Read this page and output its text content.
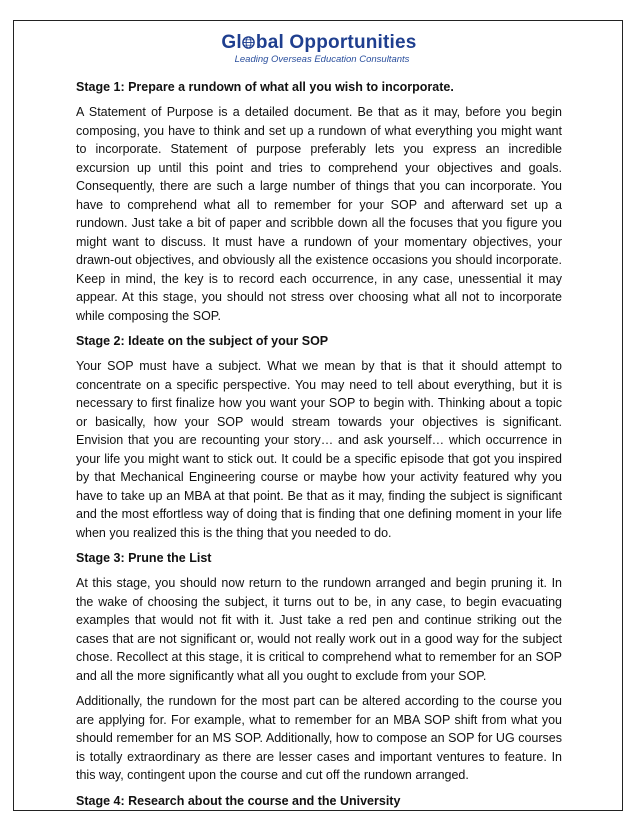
Gl bal Opportunities
Leading Overseas Education Consultants
Stage 1: Prepare a rundown of what all you wish to incorporate.

A Statement of Purpose is a detailed document. Be that as it may, before you begin composing, you have to think and set up a rundown of what everything you might want to incorporate. Statement of purpose preferably lets you express an incredible excursion up until this point and tries to comprehend your objectives and goals. Consequently, there are such a large number of things that you can incorporate. You have to comprehend what all to remember for your SOP and afterward set up a rundown. Just take a bit of paper and scribble down all the focuses that you figure you might want to discuss. It must have a rundown of your momentary objectives, your drawn-out objectives, and obviously all the existence occasions you should incorporate. Keep in mind, the key is to record each occurrence, in any case, unessential it may appear. At this stage, you should not stress over choosing what all not to incorporate while composing the SOP.

Stage 2: Ideate on the subject of your SOP

Your SOP must have a subject. What we mean by that is that it should attempt to concentrate on a specific perspective. You may need to tell about everything, but it is necessary to first finalize how you want your SOP to begin with. Thinking about a topic or basically, how your SOP would stream towards your objectives is significant. Envision that you are recounting your story… and ask yourself… which occurrence in your life you might want to stick out. It could be a specific episode that got you inspired by that Mechanical Engineering course or maybe how your activity featured why you have to take up an MBA at that point. Be that as it may, finding the subject is significant and the most effortless way of doing that is finding that one defining moment in your life when you realized this is the thing that you needed to do.

Stage 3: Prune the List

At this stage, you should now return to the rundown arranged and begin pruning it. In the wake of choosing the subject, it turns out to be, in any case, to begin evacuating examples that would not fit with it. Just take a red pen and continue striking out the cases that are not significant or, would not really work out in a good way for the subject chose. Recollect at this stage, it is critical to comprehend what to remember for an SOP and all the more significantly what all you ought to exclude from your SOP.

Additionally, the rundown for the most part can be altered according to the course you are applying for. For example, what to remember for an MBA SOP shift from what you should remember for an MS SOP. Additionally, how to compose an SOP for UG courses is totally extraordinary as there are lesser cases and important ventures to feature. In this way, contingent upon the course and cut off the rundown arranged.

Stage 4: Research about the course and the University
